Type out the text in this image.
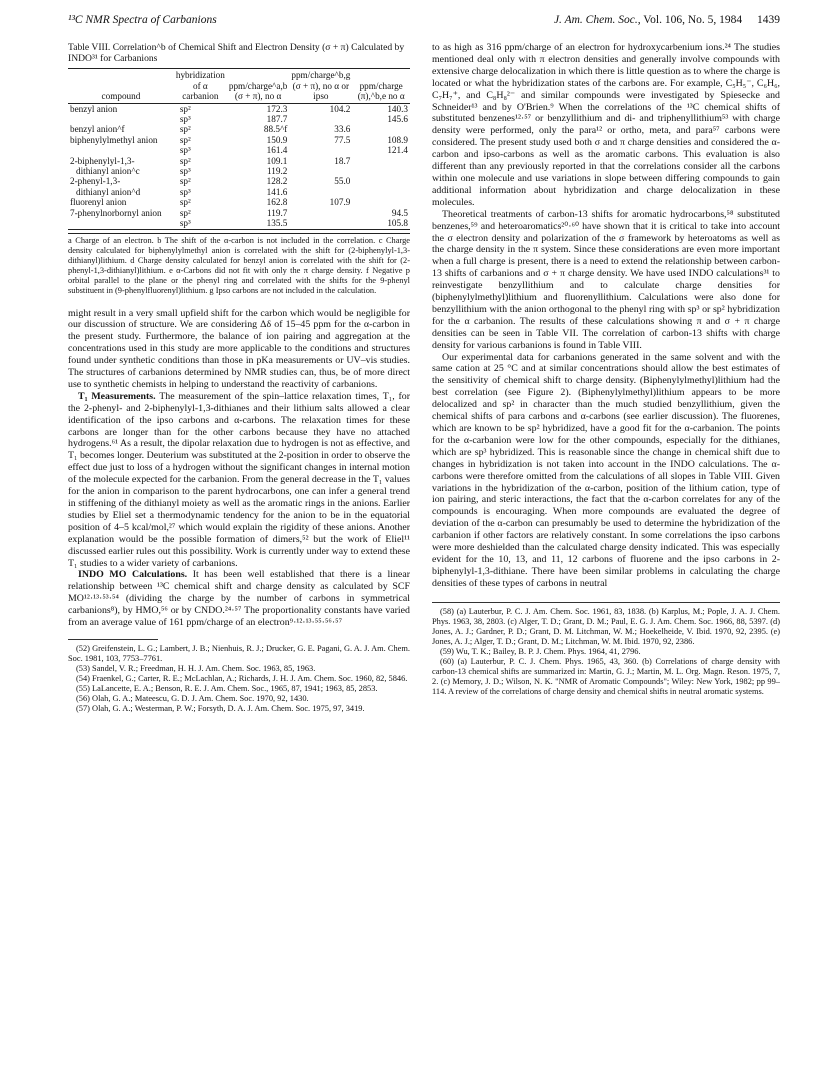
¹³C NMR Spectra of Carbanions	J. Am. Chem. Soc., Vol. 106, No. 5, 1984 1439
Table VIII. Correlation^b of Chemical Shift and Electron Density (σ + π) Calculated by INDO³¹ for Carbanions
compound	hybridization of α carbanion	ppm/charge^a,b (σ + π), no α	ppm/charge^b,g (σ + π), no α or ipso	ppm/charge (π),^b,e no α
benzyl anion	sp²	172.3	104.2	140.3
	sp³	187.7		145.6
benzyl anion^f	sp²	88.5^f	33.6	
biphenylylmethyl anion	sp²	150.9	77.5	108.9
	sp³	161.4		121.4
2-biphenylyl-1,3-	sp²	109.1	18.7	
dithianyl anion^c	sp³	119.2		
2-phenyl-1,3-	sp²	128.2	55.0	
dithianyl anion^d	sp³	141.6		
fluorenyl anion	sp²	162.8	107.9	
7-phenylnorbornyl anion	sp²	119.7		94.5
	sp³	135.5		105.8
a Charge of an electron. b The shift of the α-carbon is not included in the correlation. c Charge density calculated for biphenylylmethyl anion is correlated with the shift for (2-biphenylyl-1,3-dithianyl)lithium. d Charge density calculated for benzyl anion is correlated with the shift for (2-phenyl-1,3-dithianyl)lithium. e α-Carbons did not fit with only the π charge density. f Negative p orbital parallel to the plane or the phenyl ring and correlated with the shifts for the 9-phenyl substituent in (9-phenylfluorenyl)lithium. g Ipso carbons are not included in the calculation.

might result in a very small upfield shift for the carbon which would be negligible for our discussion of structure. We are considering Δδ of 15–45 ppm for the α-carbon in the present study. Furthermore, the balance of ion pairing and aggregation at the concentrations used in this study are more applicable to the conditions and structures found under synthetic conditions than those in pKa measurements or UV–vis studies. The structures of carbanions determined by NMR studies can, thus, be of more direct use to synthetic chemists in helping to understand the reactivity of carbanions.

T₁ Measurements. The measurement of the spin–lattice relaxation times, T₁, for the 2-phenyl- and 2-biphenylyl-1,3-dithianes and their lithium salts allowed a clear identification of the ipso carbons and α-carbons. The relaxation times for these carbons are longer than for the other carbons because they have no attached hydrogens.⁶¹ As a result, the dipolar relaxation due to hydrogen is not as effective, and T₁ becomes longer. Deuterium was substituted at the 2-position in order to observe the effect due just to loss of a hydrogen without the significant changes in internal motion of the molecule expected for the carbanion. From the general decrease in the T₁ values for the anion in comparison to the parent hydrocarbons, one can infer a general trend in stiffening of the dithianyl moiety as well as the aromatic rings in the anions. Earlier studies by Eliel set a thermodynamic tendency for the anion to be in the equatorial position of 4–5 kcal/mol,²⁷ which would explain the rigidity of these anions. Another explanation would be the possible formation of dimers,⁵² but the work of Eliel¹¹ discussed earlier rules out this possibility. Work is currently under way to extend these T₁ studies to a wider variety of carbanions.

INDO MO Calculations. It has been well established that there is a linear relationship between ¹³C chemical shift and charge density as calculated by SCF MO¹²·¹³·⁵³·⁵⁴ (dividing the charge by the number of carbons in symmetrical carbanions⁸), by HMO,⁵⁶ or by CNDO.²⁴·⁵⁷ The proportionality constants have varied from an average value of 161 ppm/charge of an electron⁹·¹²·¹³·⁵⁵·⁵⁶·⁵⁷

(52) Greifenstein, L. G.; Lambert, J. B.; Nienhuis, R. J.; Drucker, G. E. Pagani, G. A. J. Am. Chem. Soc. 1981, 103, 7753–7761.

(53) Sandel, V. R.; Freedman, H. H. J. Am. Chem. Soc. 1963, 85, 1963.

(54) Fraenkel, G.; Carter, R. E.; McLachlan, A.; Richards, J. H. J. Am. Chem. Soc. 1960, 82, 5846.

(55) LaLancette, E. A.; Benson, R. E. J. Am. Chem. Soc., 1965, 87, 1941; 1963, 85, 2853.

(56) Olah, G. A.; Mateescu, G. D. J. Am. Chem. Soc. 1970, 92, 1430.

(57) Olah, G. A.; Westerman, P. W.; Forsyth, D. A. J. Am. Chem. Soc. 1975, 97, 3419.

to as high as 316 ppm/charge of an electron for hydroxycarbenium ions.²⁴ The studies mentioned deal only with π electron densities and generally involve compounds with extensive charge delocalization in which there is little question as to where the charge is located or what the hybridization states of the carbons are. For example, C₅H₅⁻, C₆H₆, C₇H₇⁺, and C₈H₈²⁻ and similar compounds were investigated by Spiesecke and Schneider¹³ and by O'Brien.⁹ When the correlations of the ¹³C chemical shifts of substituted benzenes¹²·⁵⁷ or benzyllithium and di- and triphenyllithium⁵³ with charge density were performed, only the para¹² or ortho, meta, and para⁵⁷ carbons were considered. The present study used both σ and π charge densities and considered the α-carbon and ipso-carbons as well as the aromatic carbons. This evaluation is also different than any previously reported in that the correlations consider all the carbons within one molecule and use variations in slope between differing compounds to gain additional information about hybridization and charge delocalization in these molecules.

Theoretical treatments of carbon-13 shifts for aromatic hydrocarbons,⁵⁸ substituted benzenes,⁵⁹ and heteroaromatics²⁰·⁶⁰ have shown that it is critical to take into account the σ electron density and polarization of the σ framework by heteroatoms as well as the charge density in the π system. Since these considerations are even more important when a full charge is present, there is a need to extend the relationship between carbon-13 shifts of carbanions and σ + π charge density. We have used INDO calculations³¹ to reinvestigate benzyllithium and to calculate charge densities for (biphenylylmethyl)lithium and fluorenyllithium. Calculations were also done for benzyllithium with the anion orthogonal to the phenyl ring with sp³ or sp² hybridization for the α carbanion. The results of these calculations showing π and σ + π charge densities can be seen in Table VII. The correlation of carbon-13 shifts with charge density for various carbanions is found in Table VIII.

Our experimental data for carbanions generated in the same solvent and with the same cation at 25 °C and at similar concentrations should allow the best estimates of the sensitivity of chemical shift to charge density. (Biphenylylmethyl)lithium had the best correlation (see Figure 2). (Biphenylylmethyl)lithium appears to be more delocalized and sp² in character than the much studied benzyllithium, given the chemical shifts of para carbons and α-carbons (see earlier discussion). The fluorenes, which are known to be sp² hybridized, have a good fit for the α-carbanion. The points for the α-carbanion were low for the other compounds, especially for the dithianes, which are sp³ hybridized. This is reasonable since the change in chemical shift due to changes in hybridization is not taken into account in the INDO calculations. The α-carbons were therefore omitted from the calculations of all slopes in Table VIII. Given variations in the hybridization of the α-carbon, position of the lithium cation, type of ion pairing, and steric interactions, the fact that the α-carbon correlates for any of the compounds is encouraging. When more compounds are evaluated the degree of deviation of the α-carbon can presumably be used to determine the hybridization of the carbanion if other factors are relatively constant. In some correlations the ipso carbons were more deshielded than the calculated charge density indicated. This was especially evident for the 10, 13, and 11, 12 carbons of fluorene and the ipso carbons in 2-biphenylyl-1,3-dithiane. There have been similar problems in calculating the charge densities of these types of carbons in neutral

(58) (a) Lauterbur, P. C. J. Am. Chem. Soc. 1961, 83, 1838. (b) Karplus, M.; Pople, J. A. J. Chem. Phys. 1963, 38, 2803. (c) Alger, T. D.; Grant, D. M.; Paul, E. G. J. Am. Chem. Soc. 1966, 88, 5397. (d) Jones, A. J.; Gardner, P. D.; Grant, D. M. Litchman, W. M.; Hoekelheide, V. Ibid. 1970, 92, 2395. (e) Jones, A. J.; Alger, T. D.; Grant, D. M.; Litchman, W. M. Ibid. 1970, 92, 2386.

(59) Wu, T. K.; Bailey, B. P. J. Chem. Phys. 1964, 41, 2796.

(60) (a) Lauterbur, P. C. J. Chem. Phys. 1965, 43, 360. (b) Correlations of charge density with carbon-13 chemical shifts are summarized in: Martin, G. J.; Martin, M. L. Org. Magn. Reson. 1975, 7, 2. (c) Memory, J. D.; Wilson, N. K. "NMR of Aromatic Compounds"; Wiley: New York, 1982; pp 99–114. A review of the correlations of charge density and chemical shifts in neutral aromatic systems.
